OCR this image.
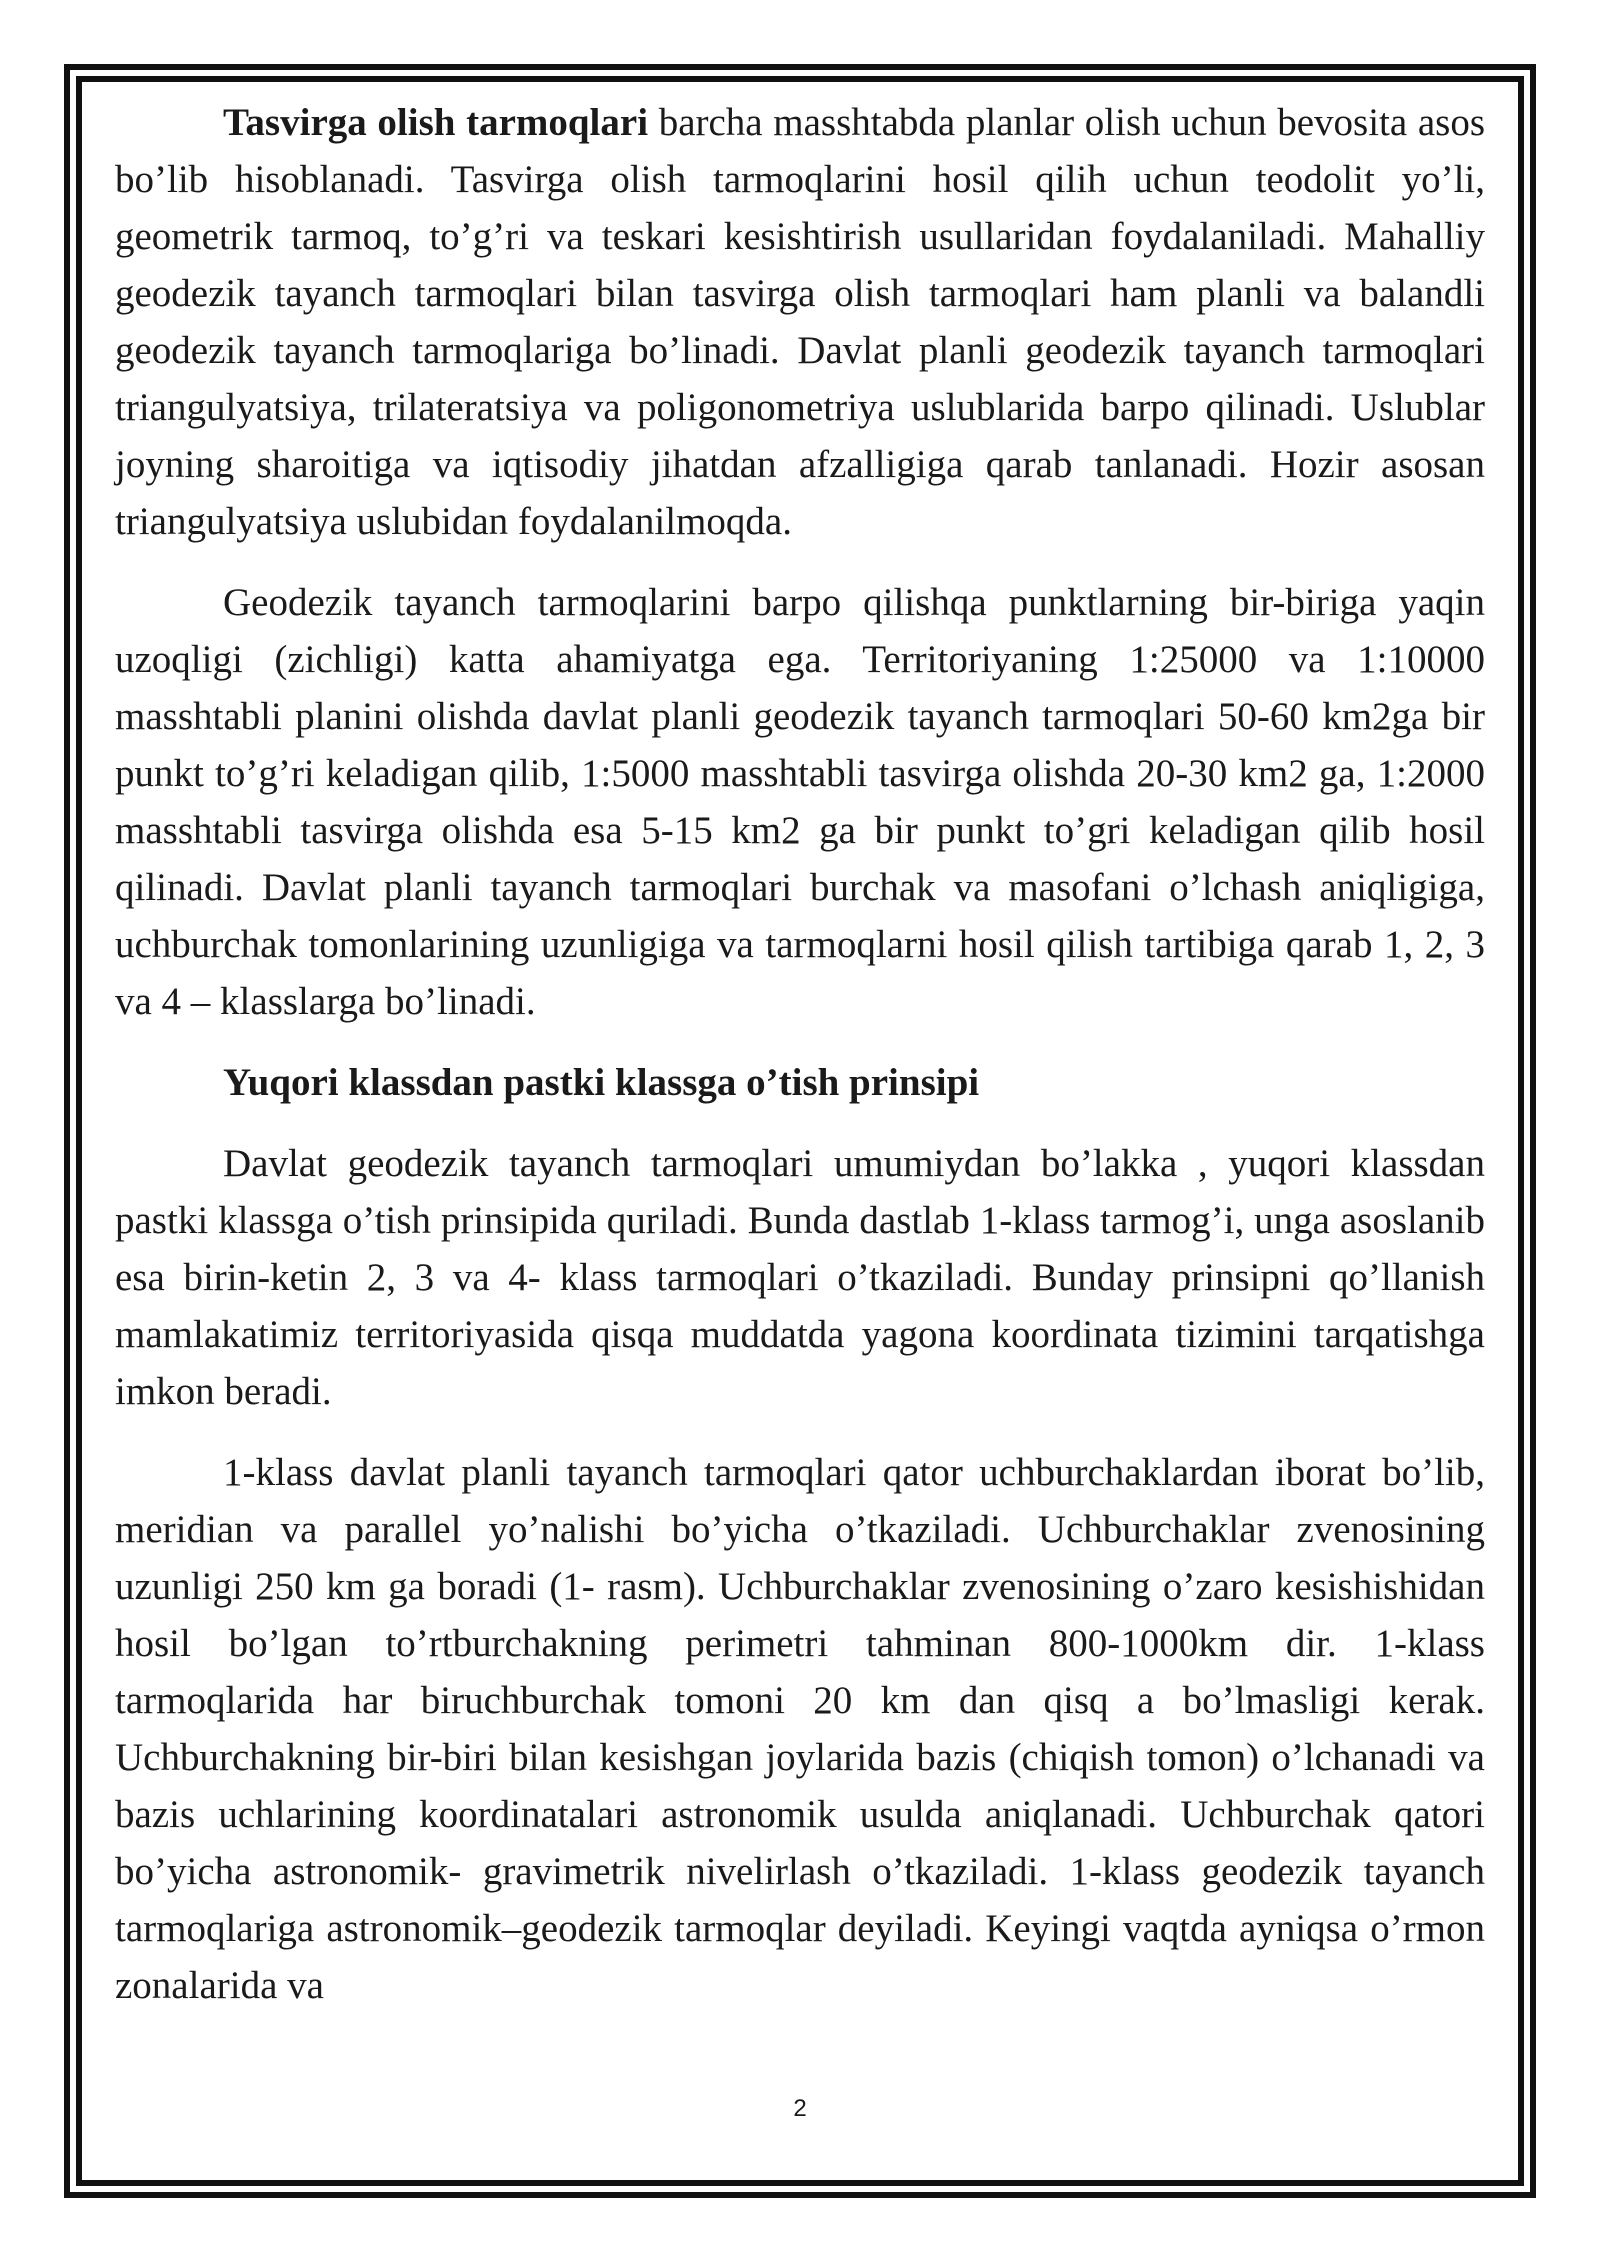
Tasvirga olish tarmoqlari barcha masshtabda planlar olish uchun bevosita asos bo’lib hisoblanadi. Tasvirga olish tarmoqlarini hosil qilih uchun teodolit yo’li, geometrik tarmoq, to’g’ri va teskari kesishtirish usullaridan foydalaniladi. Mahalliy geodezik tayanch tarmoqlari bilan tasvirga olish tarmoqlari ham planli va balandli geodezik tayanch tarmoqlariga bo’linadi. Davlat planli geodezik tayanch tarmoqlari triangulyatsiya, trilateratsiya va poligonometriya uslublarida barpo qilinadi. Uslublar joyning sharoitiga va iqtisodiy jihatdan afzalligiga qarab tanlanadi. Hozir asosan triangulyatsiya uslubidan foydalanilmoqda.

Geodezik tayanch tarmoqlarini barpo qilishqa punktlarning bir-biriga yaqin uzoqligi (zichligi) katta ahamiyatga ega. Territoriyaning 1:25000 va 1:10000 masshtabli planini olishda davlat planli geodezik tayanch tarmoqlari 50-60 km2ga bir punkt to’g’ri keladigan qilib, 1:5000 masshtabli tasvirga olishda 20-30 km2 ga, 1:2000 masshtabli tasvirga olishda esa 5-15 km2 ga bir punkt to’gri keladigan qilib hosil qilinadi. Davlat planli tayanch tarmoqlari burchak va masofani o’lchash aniqligiga, uchburchak tomonlarining uzunligiga va tarmoqlarni hosil qilish tartibiga qarab 1, 2, 3 va 4 – klasslarga bo’linadi.

Yuqori klassdan pastki klassga o’tish prinsipi

Davlat geodezik tayanch tarmoqlari umumiydan bo’lakka , yuqori klassdan pastki klassga o’tish prinsipida quriladi. Bunda dastlab 1-klass tarmog’i, unga asoslanib esa birin-ketin 2, 3 va 4- klass tarmoqlari o’tkaziladi. Bunday prinsipni qo’llanish mamlakatimiz territoriyasida qisqa muddatda yagona koordinata tizimini tarqatishga imkon beradi.

1-klass davlat planli tayanch tarmoqlari qator uchburchaklardan iborat bo’lib, meridian va parallel yo’nalishi bo’yicha o’tkaziladi. Uchburchaklar zvenosining uzunligi 250 km ga boradi (1- rasm). Uchburchaklar zvenosining o’zaro kesishishidan hosil bo’lgan to’rtburchakning perimetri tahminan 800-1000km dir. 1-klass tarmoqlarida har biruchburchak tomoni 20 km dan qisq a bo’lmasligi kerak. Uchburchakning bir-biri bilan kesishgan joylarida bazis (chiqish tomon) o’lchanadi va bazis uchlarining koordinatalari astronomik usulda aniqlanadi. Uchburchak qatori bo’yicha astronomik- gravimetrik nivelirlash o’tkaziladi. 1-klass geodezik tayanch tarmoqlariga astronomik–geodezik tarmoqlar deyiladi. Keyingi vaqtda ayniqsa o’rmon zonalarida va

2
